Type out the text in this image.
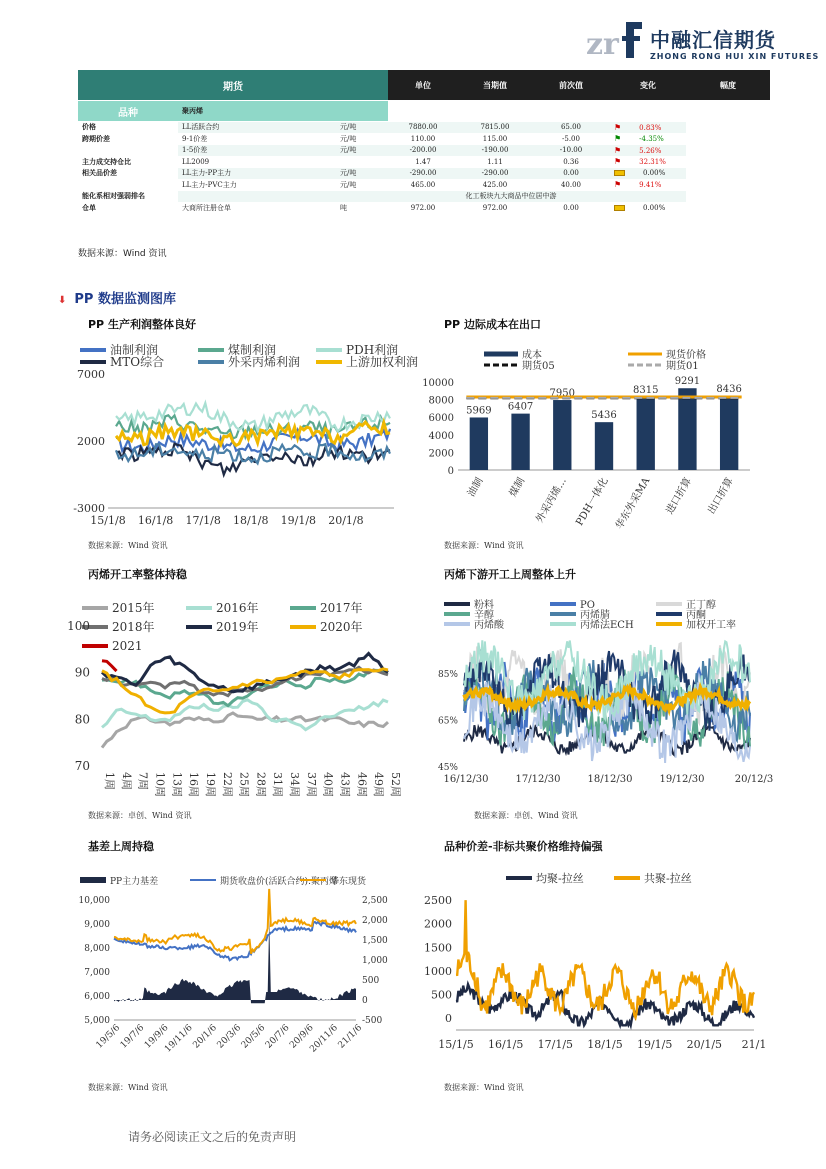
zr 中融汇信期货
ZHONG RONG HUI XIN FUTURES
期货			单位	当期值	前次值	变化	幅度
品种	聚丙烯						
价格	LL活跃合约	元/吨	7880.00	7815.00	65.00	⚑ 0.83%	
跨期价差	9-1价差	元/吨	110.00	115.00	-5.00	⚑ -4.35%	
	1-5价差	元/吨	-200.00	-190.00	-10.00	⚑ 5.26%	
主力成交持仓比	LL2009		1.47	1.11	0.36	⚑ 32.31%	
相关品价差	LL主力-PP主力	元/吨	-290.00	-290.00	0.00	0.00%	
	LL主力-PVC主力	元/吨	465.00	425.00	40.00	⚑ 9.41%	
能化系相对强弱排名		化工板块九大商品中位居中游					
仓单	大商所注册仓单	吨	972.00	972.00	0.00	0.00%	
数据来源：Wind 资讯
⬇ PP 数据监测图库
PP 生产利润整体良好	PP 边际成本在出口
数据来源：Wind 资讯	数据来源：Wind 资讯
丙烯开工率整体持稳	丙烯下游开工上周整体上升
数据来源：卓创、Wind 资讯	数据来源：卓创、Wind 资讯
基差上周持稳	品种价差-非标共聚价格维持偏强
数据来源：Wind 资讯	数据来源：Wind 资讯
油制利润	煤制利润	PDH利润
MTO综合	外采丙烯利润	上游加权利润
7000
2000
-3000
15/1/8 16/1/8 17/1/8 18/1/8 19/1/8 20/1/8
成本	现货价格
期货05	期货01
0
2000
4000
6000
8000
10000
5969
油制
6407
煤制
7950
外采丙烯…
5436
PDH一体化
8315
华东外采MA
9291
进口折算
8436
出口折算
2015年	2016年	2017年
2018年	2019年	2020年
2021
70
80
90
100
1周 4周 7周 10周 13周 16周 19周 22周 25周 28周 31周 34周 37周 40周 43周 46周 49周 52周
粉料	PO	正丁醇
辛醇	丙烯腈	丙酮
丙烯酸	丙烯法ECH	加权开工率
45%
65%
85%
16/12/30	17/12/30	18/12/30	19/12/30	20/12/3
PP主力基差	期货收盘价(活跃合约):聚丙烯
华东现货
5,000
6,000
7,000
8,000
9,000
10,000
-500
0
500
1,000
1,500
2,000
2,500
19/5/6
19/7/6
19/9/6
19/11/6
20/1/6
20/3/6
20/5/6
20/7/6
20/9/6
20/11/6
21/1/6
均聚-拉丝	共聚-拉丝
0
500
1000
1500
2000
2500
15/1/5 16/1/5 17/1/5 18/1/5 19/1/5 20/1/5 21/1
请务必阅读正文之后的免责声明
